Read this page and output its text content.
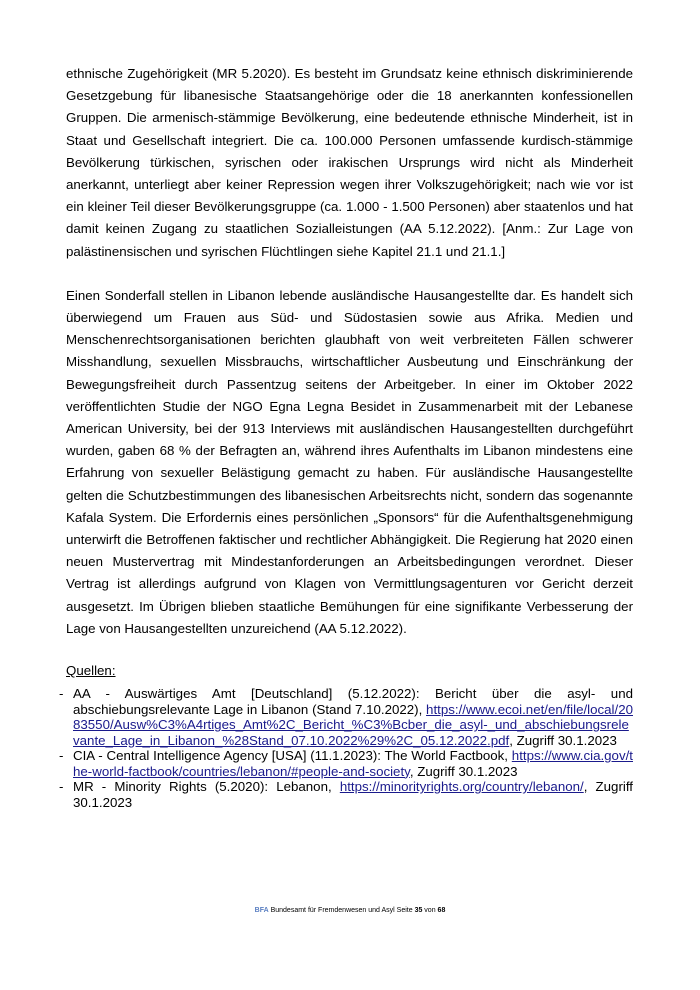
ethnische Zugehörigkeit (MR 5.2020). Es besteht im Grundsatz keine ethnisch diskriminierende Gesetzgebung für libanesische Staatsangehörige oder die 18 anerkannten konfessionellen Gruppen. Die armenisch-stämmige Bevölkerung, eine bedeutende ethnische Minderheit, ist in Staat und Gesellschaft integriert. Die ca. 100.000 Personen umfassende kurdisch-stämmige Bevölkerung türkischen, syrischen oder irakischen Ursprungs wird nicht als Minderheit anerkannt, unterliegt aber keiner Repression wegen ihrer Volkszugehörigkeit; nach wie vor ist ein kleiner Teil dieser Bevölkerungsgruppe (ca. 1.000 - 1.500 Personen) aber staatenlos und hat damit keinen Zugang zu staatlichen Sozialleistungen (AA 5.12.2022). [Anm.: Zur Lage von palästinensischen und syrischen Flüchtlingen siehe Kapitel 21.1 und 21.1.]

Einen Sonderfall stellen in Libanon lebende ausländische Hausangestellte dar. Es handelt sich überwiegend um Frauen aus Süd- und Südostasien sowie aus Afrika. Medien und Menschenrechtsorganisationen berichten glaubhaft von weit verbreiteten Fällen schwerer Misshandlung, sexuellen Missbrauchs, wirtschaftlicher Ausbeutung und Einschränkung der Bewegungsfreiheit durch Passentzug seitens der Arbeitgeber. In einer im Oktober 2022 veröffentlichten Studie der NGO Egna Legna Besidet in Zusammenarbeit mit der Lebanese American University, bei der 913 Interviews mit ausländischen Hausangestellten durchgeführt wurden, gaben 68 % der Befragten an, während ihres Aufenthalts im Libanon mindestens eine Erfahrung von sexueller Belästigung gemacht zu haben. Für ausländische Hausangestellte gelten die Schutzbestimmungen des libanesischen Arbeitsrechts nicht, sondern das sogenannte Kafala System. Die Erfordernis eines persönlichen „Sponsors“ für die Aufenthaltsgenehmigung unterwirft die Betroffenen faktischer und rechtlicher Abhängigkeit. Die Regierung hat 2020 einen neuen Mustervertrag mit Mindestanforderungen an Arbeitsbedingungen verordnet. Dieser Vertrag ist allerdings aufgrund von Klagen von Vermittlungsagenturen vor Gericht derzeit ausgesetzt. Im Übrigen blieben staatliche Bemühungen für eine signifikante Verbesserung der Lage von Hausangestellten unzureichend (AA 5.12.2022).

Quellen:
- AA - Auswärtiges Amt [Deutschland] (5.12.2022): Bericht über die asyl- und abschiebungsrelevante Lage in Libanon (Stand 7.10.2022), https://www.ecoi.net/en/file/local/2083550/Ausw%C3%A4rtiges_Amt%2C_Bericht_%C3%Bcber_die_asyl-_und_abschiebungsrelevante_Lage_in_Libanon_%28Stand_07.10.2022%29%2C_05.12.2022.pdf, Zugriff 30.1.2023
- CIA - Central Intelligence Agency [USA] (11.1.2023): The World Factbook, https://www.cia.gov/the-world-factbook/countries/lebanon/#people-and-society, Zugriff 30.1.2023
- MR - Minority Rights (5.2020): Lebanon, https://minorityrights.org/country/lebanon/, Zugriff 30.1.2023
BFA Bundesamt für Fremdenwesen und Asyl Seite 35 von 68
